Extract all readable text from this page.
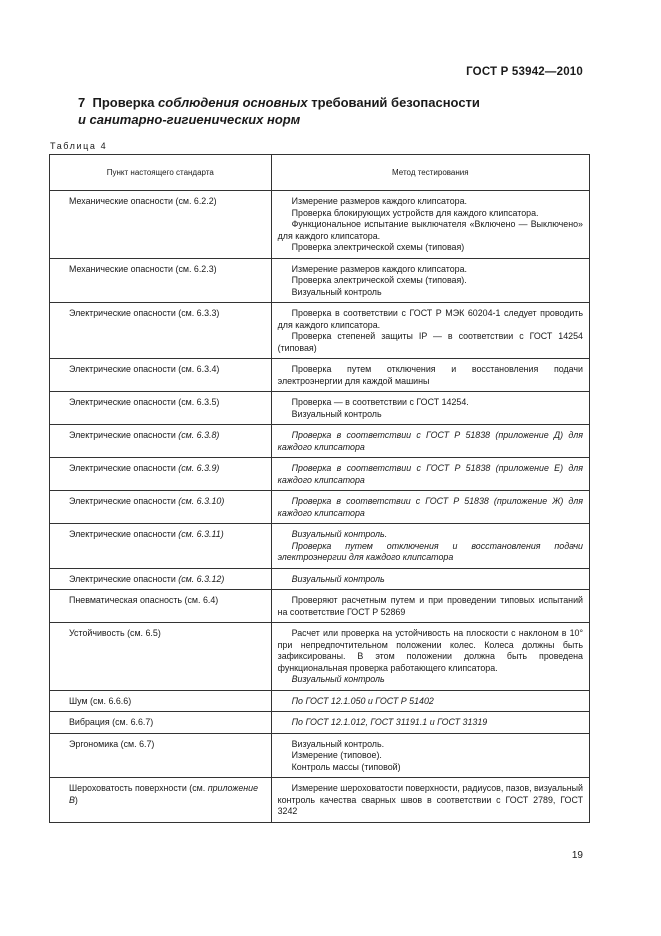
ГОСТ Р 53942—2010
7 Проверка соблюдения основных требований безопасности
и санитарно-гигиенических норм
Таблица 4
Пункт настоящего стандарта	Метод тестирования
Механические опасности (см. 6.2.2)	Измерение размеров каждого клипсатора.
Проверка блокирующих устройств для каждого клипсатора.
Функциональное испытание выключателя «Включено — Выключено» для каждого клипсатора.
Проверка электрической схемы (типовая)

Механические опасности (см. 6.2.3)	Измерение размеров каждого клипсатора.
Проверка электрической схемы (типовая).
Визуальный контроль

Электрические опасности (см. 6.3.3)	Проверка в соответствии с ГОСТ Р МЭК 60204-1 следует проводить для каждого клипсатора.
Проверка степеней защиты IP — в соответствии с ГОСТ 14254 (типовая)

Электрические опасности (см. 6.3.4)	Проверка путем отключения и восстановления подачи электроэнергии для каждой машины

Электрические опасности (см. 6.3.5)	Проверка — в соответствии с ГОСТ 14254.
Визуальный контроль

Электрические опасности (см. 6.3.8)	Проверка в соответствии с ГОСТ Р 51838 (приложение Д) для каждого клипсатора

Электрические опасности (см. 6.3.9)	Проверка в соответствии с ГОСТ Р 51838 (приложение Е) для каждого клипсатора

Электрические опасности (см. 6.3.10)	Проверка в соответствии с ГОСТ Р 51838 (приложение Ж) для каждого клипсатора

Электрические опасности (см. 6.3.11)	Визуальный контроль.
Проверка путем отключения и восстановления подачи электроэнергии для каждого клипсатора

Электрические опасности (см. 6.3.12)	Визуальный контроль

Пневматическая опасность (см. 6.4)	Проверяют расчетным путем и при проведении типовых испытаний на соответствие ГОСТ Р 52869

Устойчивость (см. 6.5)	Расчет или проверка на устойчивость на плоскости с наклоном в 10° при непредпочтительном положении колес. Колеса должны быть зафиксированы. В этом положении должна быть проведена функциональная проверка работающего клипсатора.
Визуальный контроль

Шум (см. 6.6.6)	По ГОСТ 12.1.050 и ГОСТ Р 51402

Вибрация (см. 6.6.7)	По ГОСТ 12.1.012, ГОСТ 31191.1 и ГОСТ 31319

Эргономика (см. 6.7)	Визуальный контроль.
Измерение (типовое).
Контроль массы (типовой)

Шероховатость поверхности (см. приложение В)	Измерение шероховатости поверхности, радиусов, пазов, визуальный контроль качества сварных швов в соответствии с ГОСТ 2789, ГОСТ 3242
19
